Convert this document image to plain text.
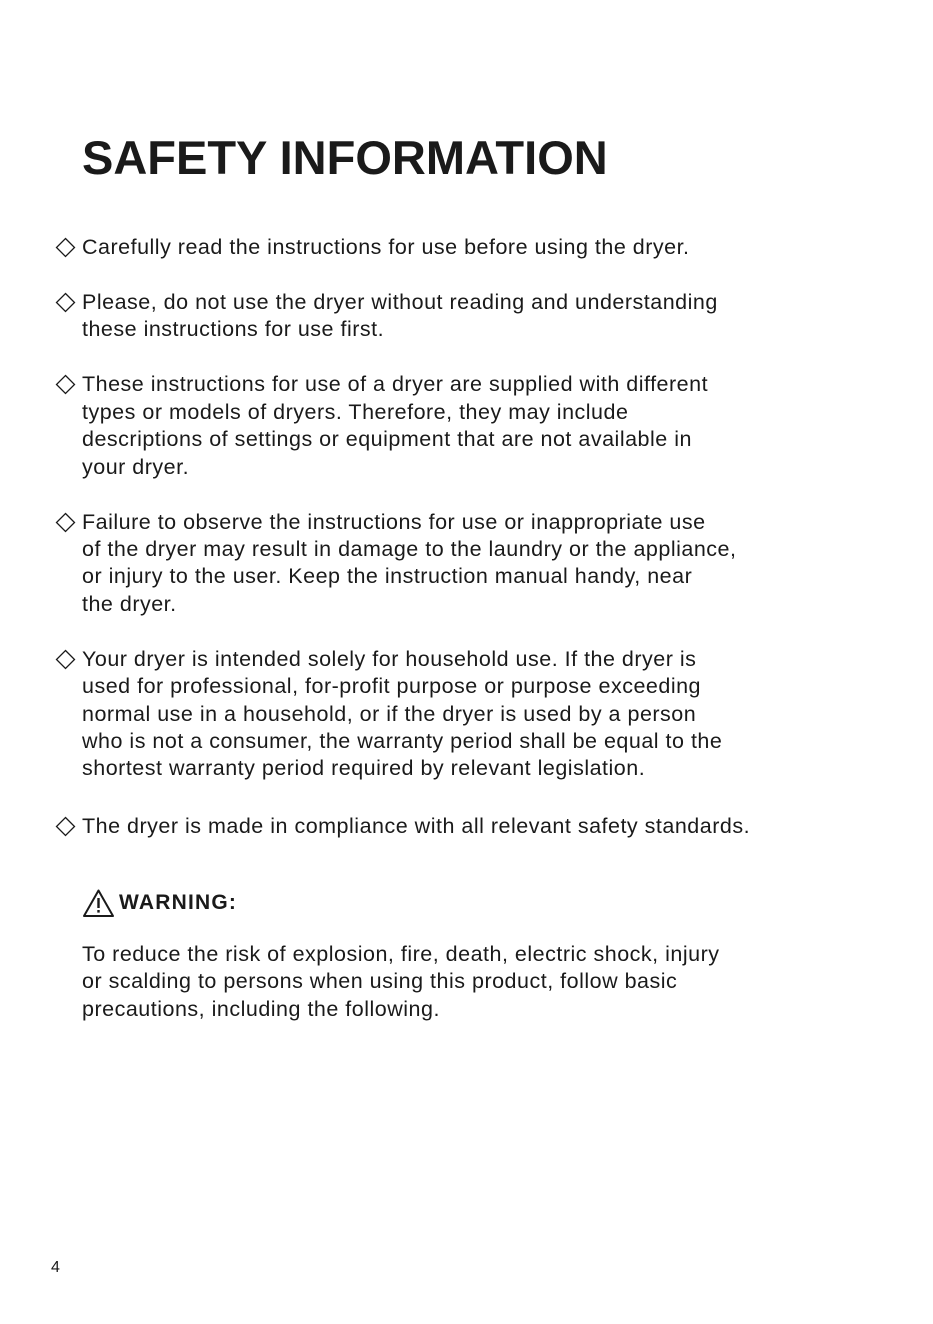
SAFETY INFORMATION
Carefully read the instructions for use before using the dryer.
Please, do not use the dryer without reading and understanding
these instructions for use first.
These instructions for use of a dryer are supplied with different
types or models of dryers. Therefore, they may include
descriptions of settings or equipment that are not available in
your dryer.
Failure to observe the instructions for use or inappropriate use
of the dryer may result in damage to the laundry or the appliance,
or injury to the user. Keep the instruction manual handy, near
the dryer.
Your dryer is intended solely for household use. If the dryer is
used for professional, for-profit purpose or purpose exceeding
normal use in a household, or if the dryer is used by a person
who is not a consumer, the warranty period shall be equal to the
shortest warranty period required by relevant legislation.
The dryer is made in compliance with all relevant safety standards.
WARNING:

To reduce the risk of explosion, fire, death, electric shock, injury
or scalding to persons when using this product, follow basic
precautions, including the following.

4
